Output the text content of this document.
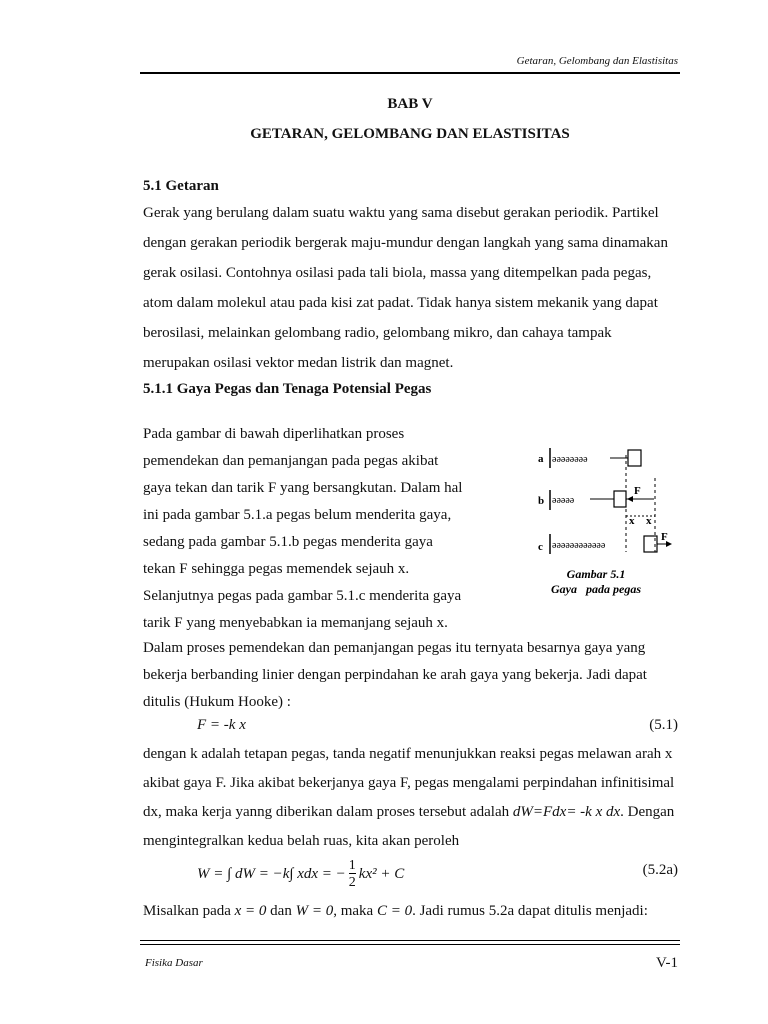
Getaran, Gelombang dan Elastisitas
BAB V
GETARAN, GELOMBANG DAN ELASTISITAS
5.1 Getaran
Gerak yang berulang dalam suatu waktu yang sama disebut gerakan periodik. Partikel
dengan gerakan periodik bergerak maju-mundur dengan langkah yang sama dinamakan
gerak osilasi. Contohnya osilasi pada tali biola, massa yang ditempelkan pada pegas,
atom dalam molekul atau pada kisi zat padat. Tidak hanya sistem mekanik yang dapat
berosilasi, melainkan gelombang radio, gelombang mikro, dan cahaya tampak
merupakan osilasi vektor medan listrik dan magnet.
5.1.1 Gaya Pegas dan Tenaga Potensial Pegas
Pada gambar di bawah diperlihatkan proses
pemendekan dan pemanjangan pada pegas akibat
gaya tekan dan tarik F yang bersangkutan. Dalam hal
ini pada gambar 5.1.a pegas belum menderita gaya,
sedang pada gambar 5.1.b pegas menderita gaya
tekan F sehingga pegas memendek sejauh x.
Selanjutnya pegas pada gambar 5.1.c menderita gaya
tarik F yang menyebabkan ia memanjang sejauh x.
a əəəəəəəə
b əəəəə
F
x x
c əəəəəəəəəəəə
F
Gambar 5.1
Gaya   pada pegas
Dalam proses pemendekan dan pemanjangan pegas itu ternyata besarnya gaya yang
bekerja berbanding linier dengan perpindahan ke arah gaya yang bekerja. Jadi dapat
ditulis (Hukum Hooke) :
F = -k x	(5.1)
dengan k adalah tetapan pegas, tanda negatif menunjukkan reaksi pegas melawan arah x
akibat gaya F. Jika akibat bekerjanya gaya F, pegas mengalami perpindahan infinitisimal
dx, maka kerja yanng diberikan dalam proses tersebut adalah dW=Fdx= -k x dx. Dengan
mengintegralkan kedua belah ruas, kita akan peroleh
W = ∫ dW = −k∫ xdx = − $\frac{1}{2} kx^2 + C$	(5.2a)
Misalkan pada x = 0 dan W = 0, maka C = 0. Jadi rumus 5.2a dapat ditulis menjadi:
Fisika Dasar	V-1
